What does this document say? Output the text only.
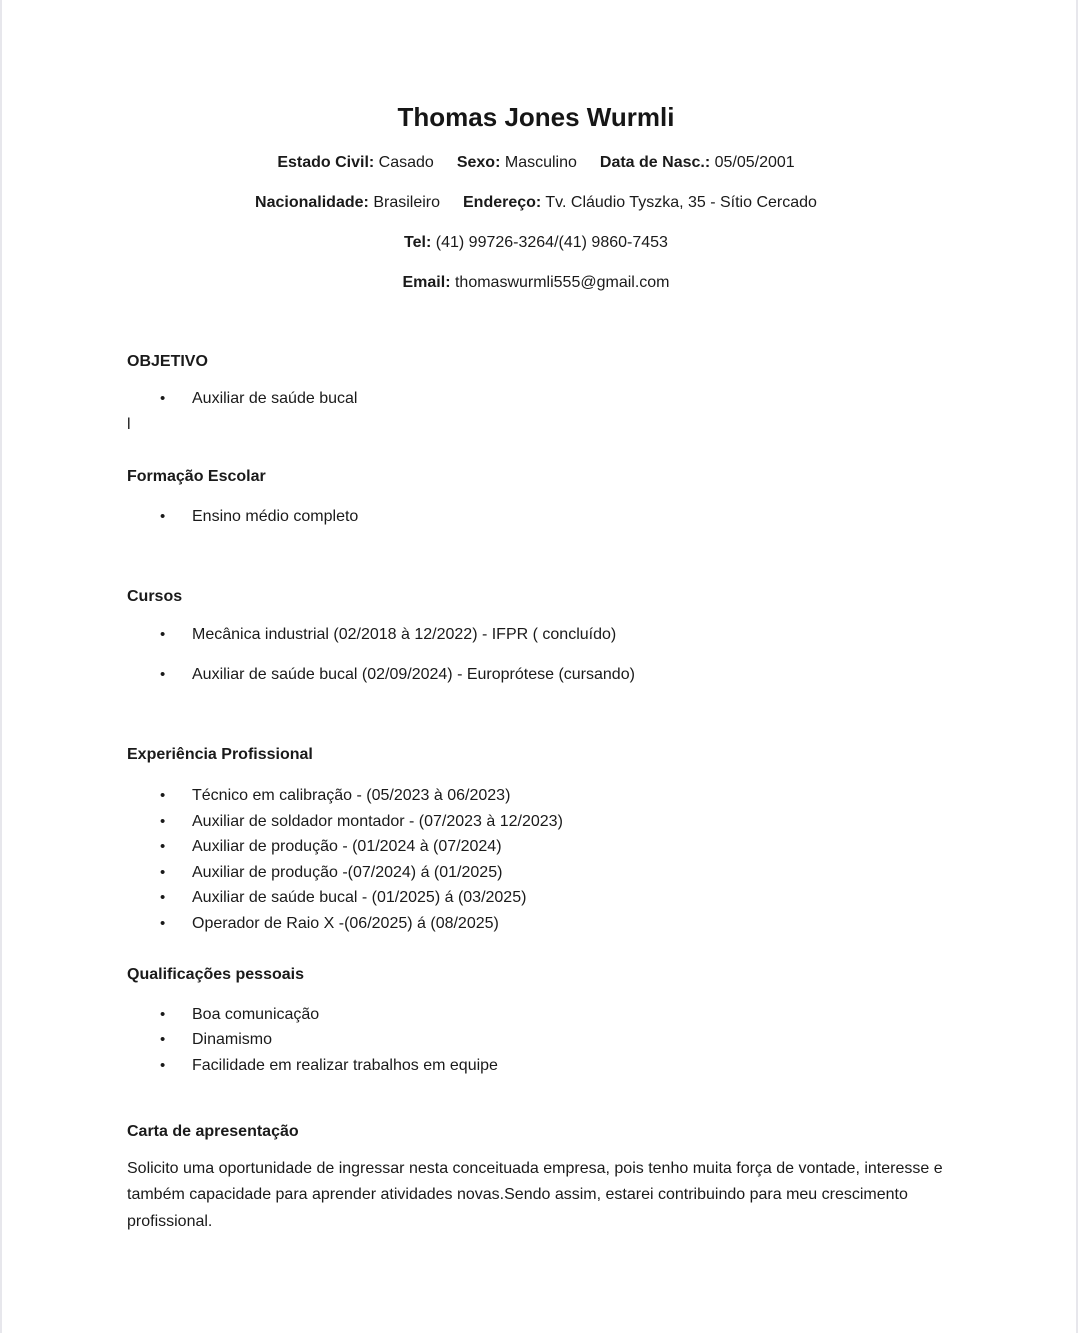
Thomas Jones Wurmli

Estado Civil: Casado Sexo: Masculino Data de Nasc.: 05/05/2001

Nacionalidade: Brasileiro Endereço: Tv. Cláudio Tyszka, 35 - Sítio Cercado

Tel: (41) 99726-3264/(41) 9860-7453

Email: thomaswurmli555@gmail.com

OBJETIVO
•	Auxiliar de saúde bucal
l
Formação Escolar
•	Ensino médio completo
Cursos
•	Mecânica industrial (02/2018 à 12/2022) - IFPR ( concluído)
•	Auxiliar de saúde bucal (02/09/2024) - Europrótese (cursando)
Experiência Profissional
•	Técnico em calibração - (05/2023 à 06/2023)
•	Auxiliar de soldador montador - (07/2023 à 12/2023)
•	Auxiliar de produção - (01/2024 à (07/2024)
•	Auxiliar de produção -(07/2024) á (01/2025)
•	Auxiliar de saúde bucal - (01/2025) á (03/2025)
•	Operador de Raio X -(06/2025) á (08/2025)
Qualificações pessoais
•	Boa comunicação
•	Dinamismo
•	Facilidade em realizar trabalhos em equipe
Carta de apresentação

Solicito uma oportunidade de ingressar nesta conceituada empresa, pois tenho muita força de vontade, interesse e também capacidade para aprender atividades novas.Sendo assim, estarei contribuindo para meu crescimento profissional.
